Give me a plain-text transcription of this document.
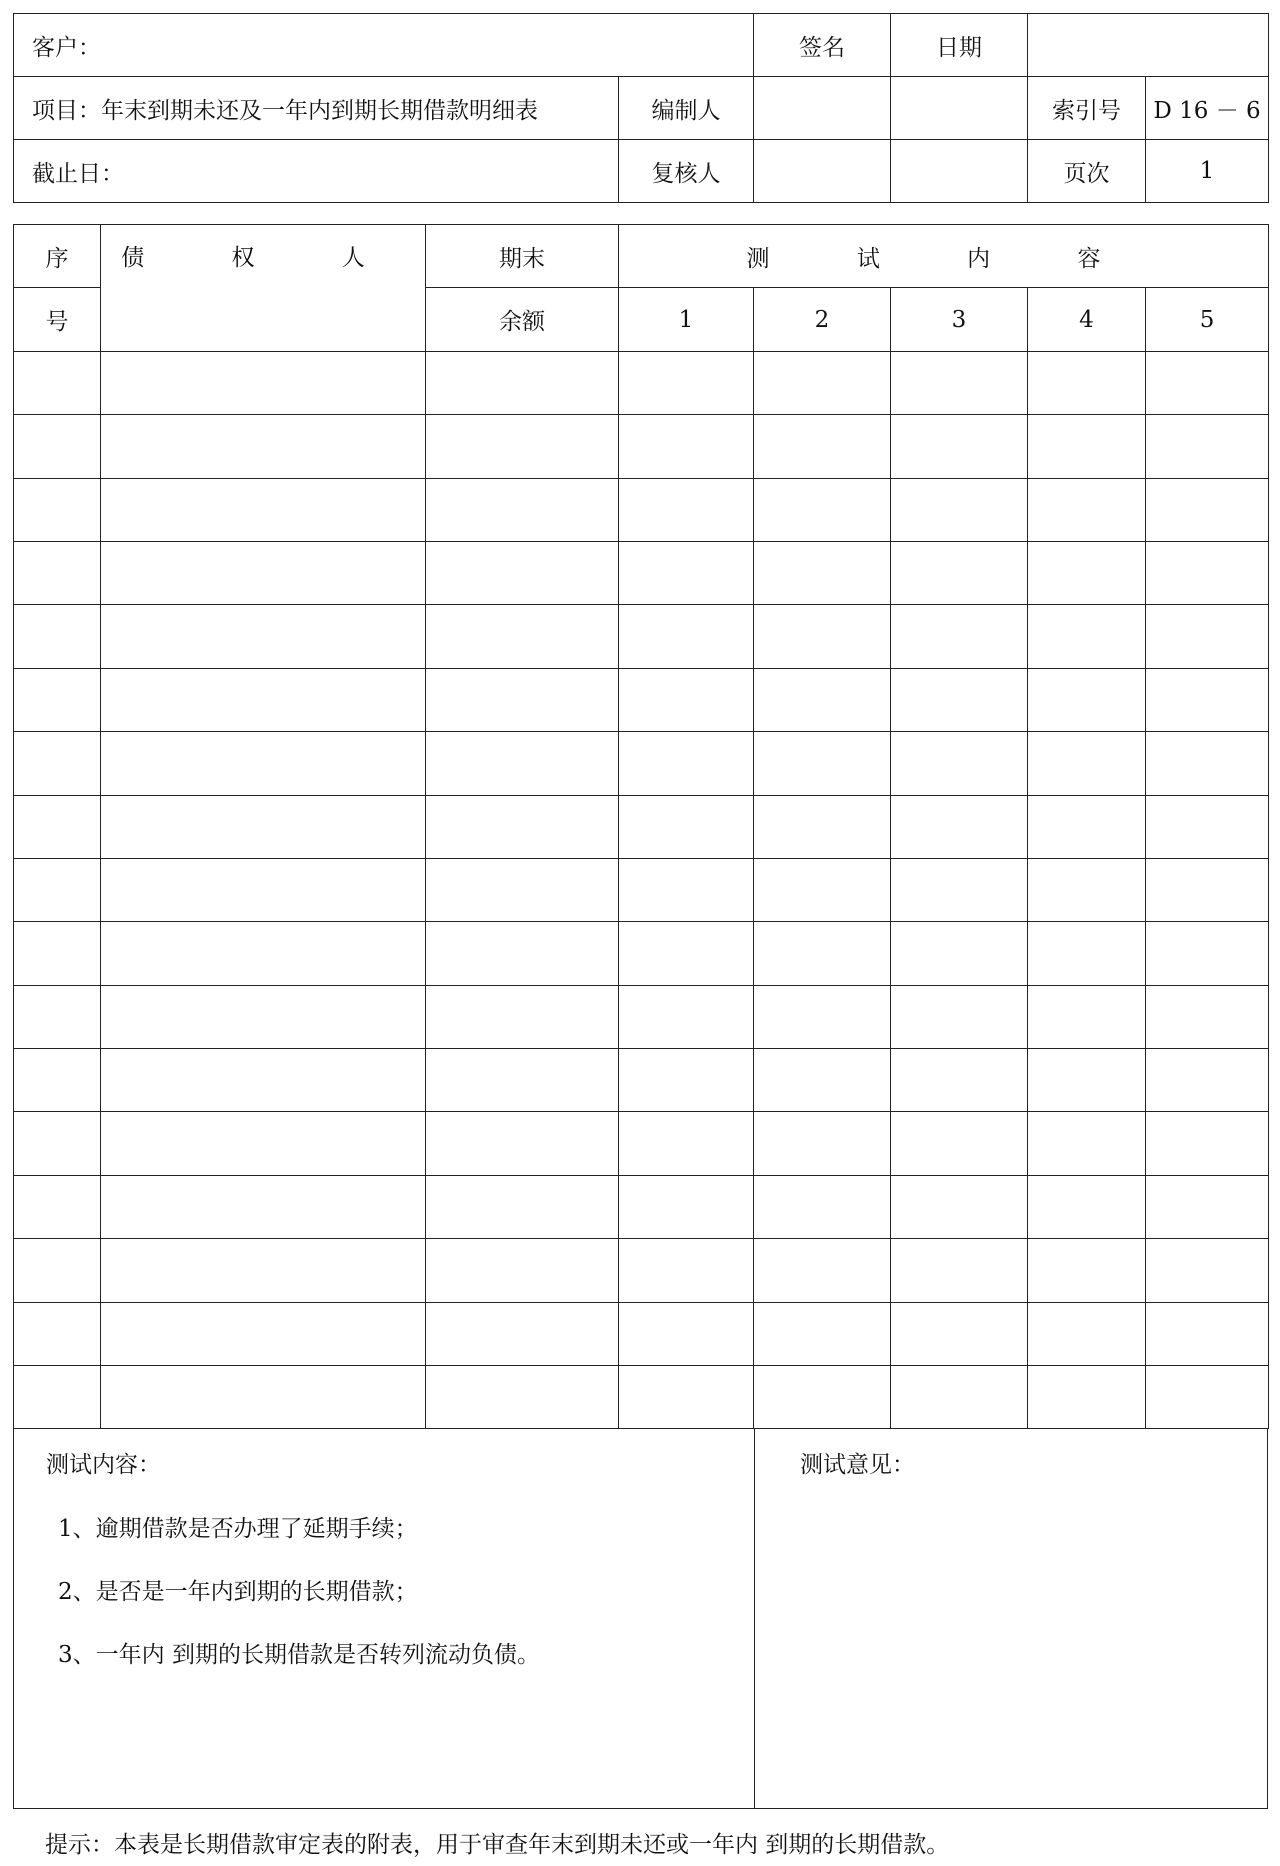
客户：		签名	日期		
项目：年末到期未还及一年内到期长期借款明细表	编制人			索引号	D 16 － 6
截止日：	复核人			页次	1
序	债 权 人	期末	测 试 内 容				
号		余额	1	2	3	4	5

测试内容：
1、逾期借款是否办理了延期手续；
2、是否是一年内到期的长期借款；
3、一年内 到期的长期借款是否转列流动负债。
测试意见：
提示：本表是长期借款审定表的附表，用于审查年末到期未还或一年内 到期的长期借款。
